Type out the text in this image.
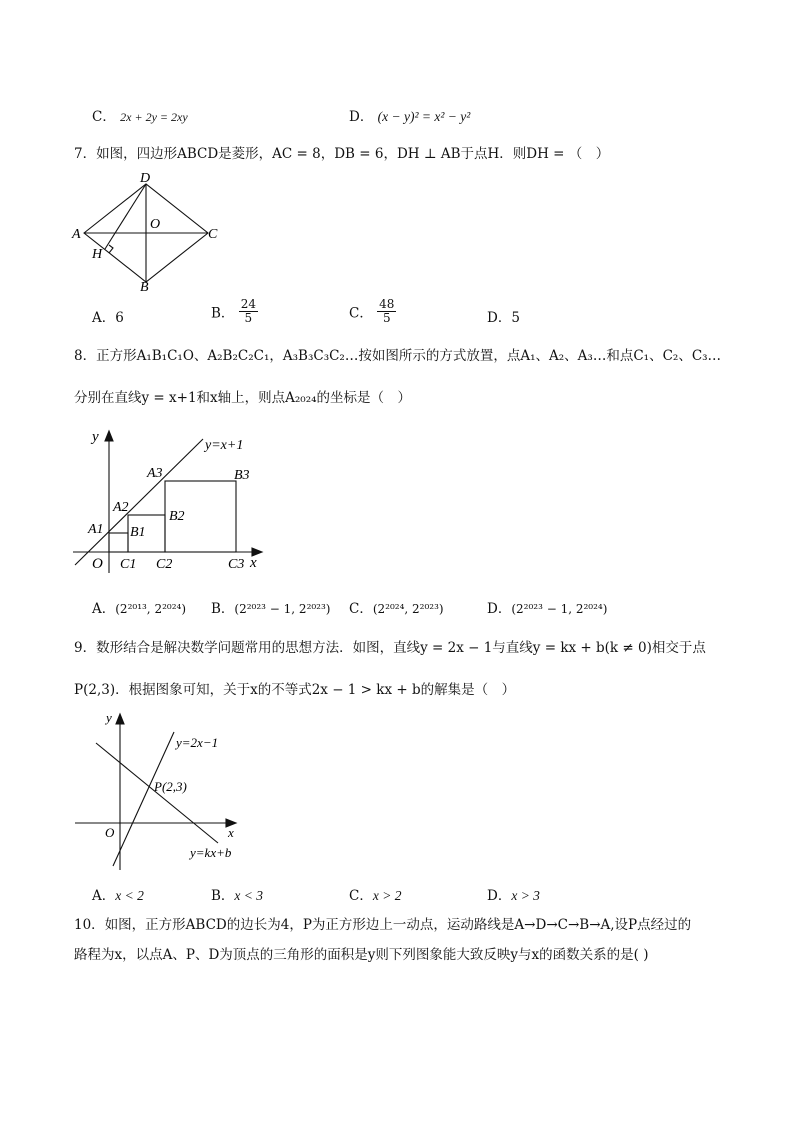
C． 2x + 2y = 2xy	D． (x − y)² = x² − y²
7．如图，四边形ABCD是菱形，AC = 8，DB = 6，DH ⊥ AB于点H．则DH = （　）
A
D
C
B
O
H
A．6	B． $\frac{24}{5}$	C． $\frac{48}{5}$	D．5
8．正方形A₁B₁C₁O、A₂B₂C₂C₁，A₃B₃C₃C₂…按如图所示的方式放置，点A₁、A₂、A₃…和点C₁、C₂、C₃…
分别在直线y = x+1和x轴上，则点A₂₀₂₄的坐标是（　）
y
x
y=x+1
O
A1
A2
A3
B1
B2
B3
C1 C2	C3
A．(2²⁰¹³, 2²⁰²⁴) B．(2²⁰²³ − 1, 2²⁰²³) C．(2²⁰²⁴, 2²⁰²³)	D．(2²⁰²³ − 1, 2²⁰²⁴)
9．数形结合是解决数学问题常用的思想方法．如图，直线y = 2x − 1与直线y = kx + b(k ≠ 0)相交于点
P(2,3)．根据图象可知，关于x的不等式2x − 1 > kx + b的解集是（　）
y
x
O
P(2,3)
y=2x−1
y=kx+b
A．x < 2	B．x < 3	C．x > 2	D．x > 3
10．如图，正方形ABCD的边长为4，P为正方形边上一动点，运动路线是A→D→C→B→A,设P点经过的
路程为x，以点A、P、D为顶点的三角形的面积是y则下列图象能大致反映y与x的函数关系的是( )
